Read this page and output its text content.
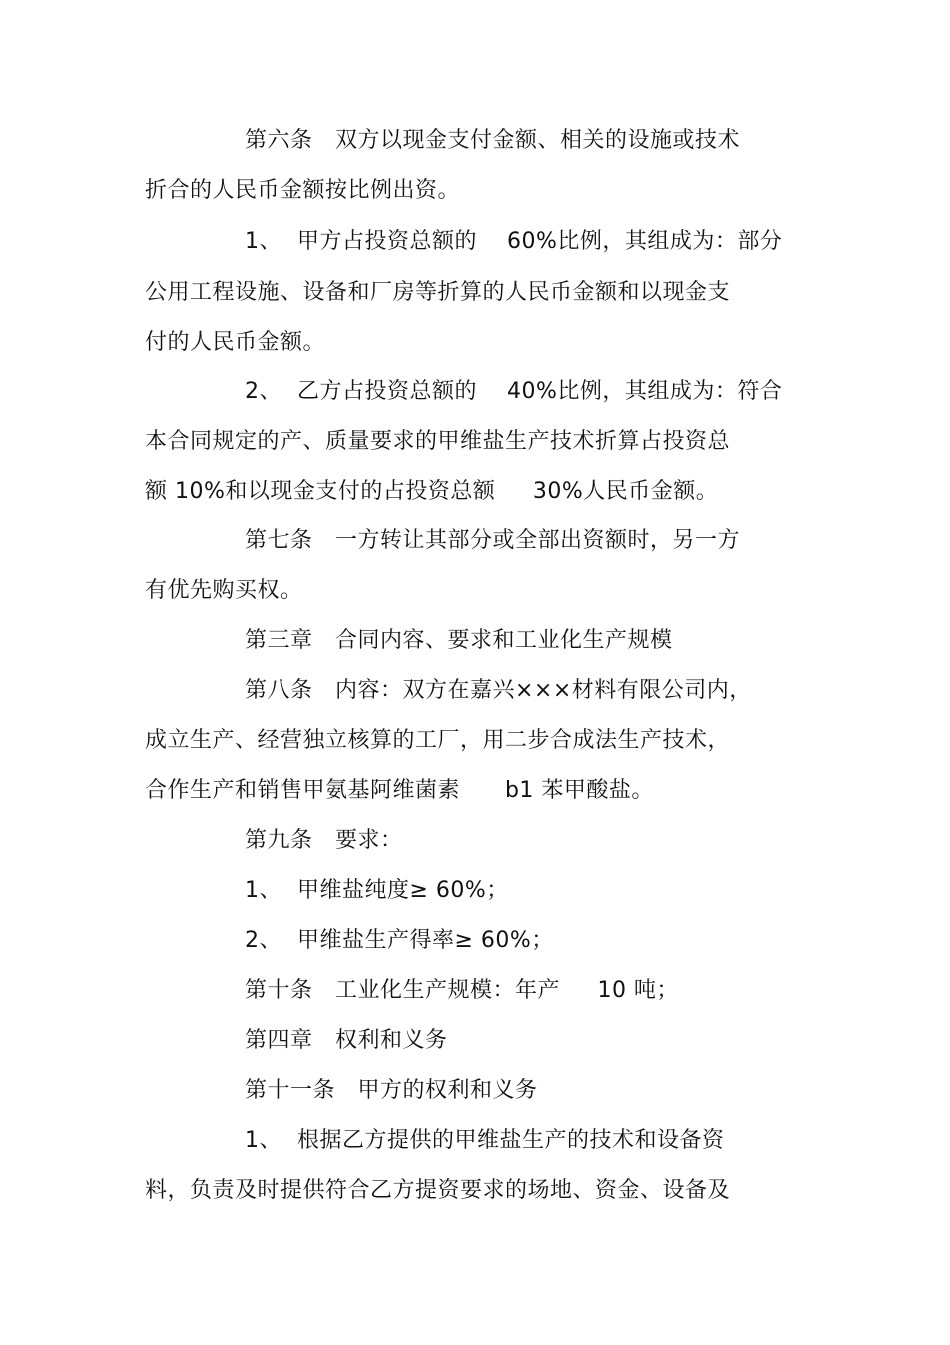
第六条   双方以现金支付金额、相关的设施或技术
折合的人民币金额按比例出资。
1、  甲方占投资总额的    60%比例，其组成为：部分
公用工程设施、设备和厂房等折算的人民币金额和以现金支
付的人民币金额。
2、  乙方占投资总额的    40%比例，其组成为：符合
本合同规定的产、质量要求的甲维盐生产技术折算占投资总
额 10%和以现金支付的占投资总额     30%人民币金额。
第七条   一方转让其部分或全部出资额时，另一方
有优先购买权。
第三章   合同内容、要求和工业化生产规模
第八条   内容：双方在嘉兴×××材料有限公司内，
成立生产、经营独立核算的工厂，用二步合成法生产技术，
合作生产和销售甲氨基阿维菌素      b1 苯甲酸盐。
第九条   要求：
1、  甲维盐纯度≥ 60%；
2、  甲维盐生产得率≥ 60%；
第十条   工业化生产规模：年产     10 吨；
第四章   权利和义务
第十一条   甲方的权利和义务
1、  根据乙方提供的甲维盐生产的技术和设备资
料，负责及时提供符合乙方提资要求的场地、资金、设备及
